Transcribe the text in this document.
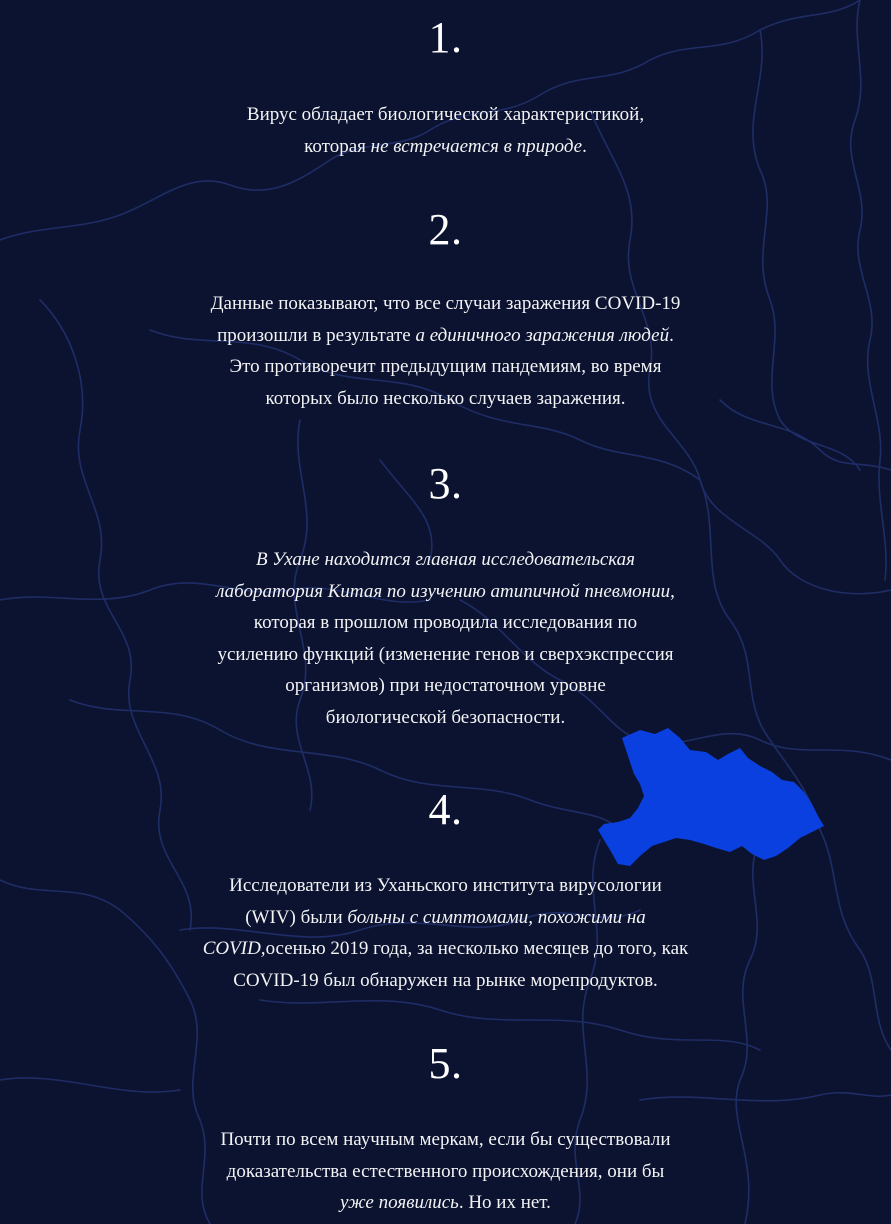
1.
Вирус обладает биологической характеристикой,
которая не встречается в природе.
2.
Данные показывают, что все случаи заражения COVID-19
произошли в результате а единичного заражения людей.
Это противоречит предыдущим пандемиям, во время
которых было несколько случаев заражения.
3.
В Ухане находится главная исследовательская
лаборатория Китая по изучению атипичной пневмонии,
которая в прошлом проводила исследования по
усилению функций (изменение генов и сверхэкспрессия
организмов) при недостаточном уровне
биологической безопасности.
4.
Исследователи из Уханьского института вирусологии
(WIV) были больны с симптомами, похожими на
COVID,осенью 2019 года, за несколько месяцев до того, как
COVID-19 был обнаружен на рынке морепродуктов.
5.
Почти по всем научным меркам, если бы существовали
доказательства естественного происхождения, они бы
уже появились. Но их нет.
